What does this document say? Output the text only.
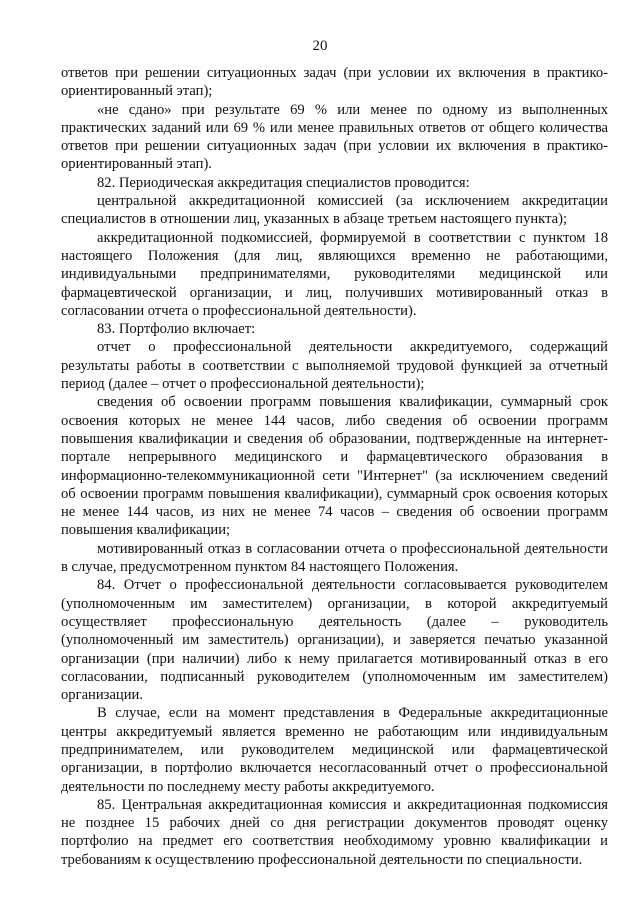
20

ответов при решении ситуационных задач (при условии их включения в практико-ориентированный этап);

«не сдано» при результате 69 % или менее по одному из выполненных практических заданий или 69 % или менее правильных ответов от общего количества ответов при решении ситуационных задач (при условии их включения в практико-ориентированный этап).

82. Периодическая аккредитация специалистов проводится:

центральной аккредитационной комиссией (за исключением аккредитации специалистов в отношении лиц, указанных в абзаце третьем настоящего пункта);

аккредитационной подкомиссией, формируемой в соответствии с пунктом 18 настоящего Положения (для лиц, являющихся временно не работающими, индивидуальными предпринимателями, руководителями медицинской или фармацевтической организации, и лиц, получивших мотивированный отказ в согласовании отчета о профессиональной деятельности).

83. Портфолио включает:

отчет о профессиональной деятельности аккредитуемого, содержащий результаты работы в соответствии с выполняемой трудовой функцией за отчетный период (далее – отчет о профессиональной деятельности);

сведения об освоении программ повышения квалификации, суммарный срок освоения которых не менее 144 часов, либо сведения об освоении программ повышения квалификации и сведения об образовании, подтвержденные на интернет-портале непрерывного медицинского и фармацевтического образования в информационно-телекоммуникационной сети "Интернет" (за исключением сведений об освоении программ повышения квалификации), суммарный срок освоения которых не менее 144 часов, из них не менее 74 часов – сведения об освоении программ повышения квалификации;

мотивированный отказ в согласовании отчета о профессиональной деятельности в случае, предусмотренном пунктом 84 настоящего Положения.

84. Отчет о профессиональной деятельности согласовывается руководителем (уполномоченным им заместителем) организации, в которой аккредитуемый осуществляет профессиональную деятельность (далее – руководитель (уполномоченный им заместитель) организации), и заверяется печатью указанной организации (при наличии) либо к нему прилагается мотивированный отказ в его согласовании, подписанный руководителем (уполномоченным им заместителем) организации.

В случае, если на момент представления в Федеральные аккредитационные центры аккредитуемый является временно не работающим или индивидуальным предпринимателем, или руководителем медицинской или фармацевтической организации, в портфолио включается несогласованный отчет о профессиональной деятельности по последнему месту работы аккредитуемого.

85. Центральная аккредитационная комиссия и аккредитационная подкомиссия не позднее 15 рабочих дней со дня регистрации документов проводят оценку портфолио на предмет его соответствия необходимому уровню квалификации и требованиям к осуществлению профессиональной деятельности по специальности.
